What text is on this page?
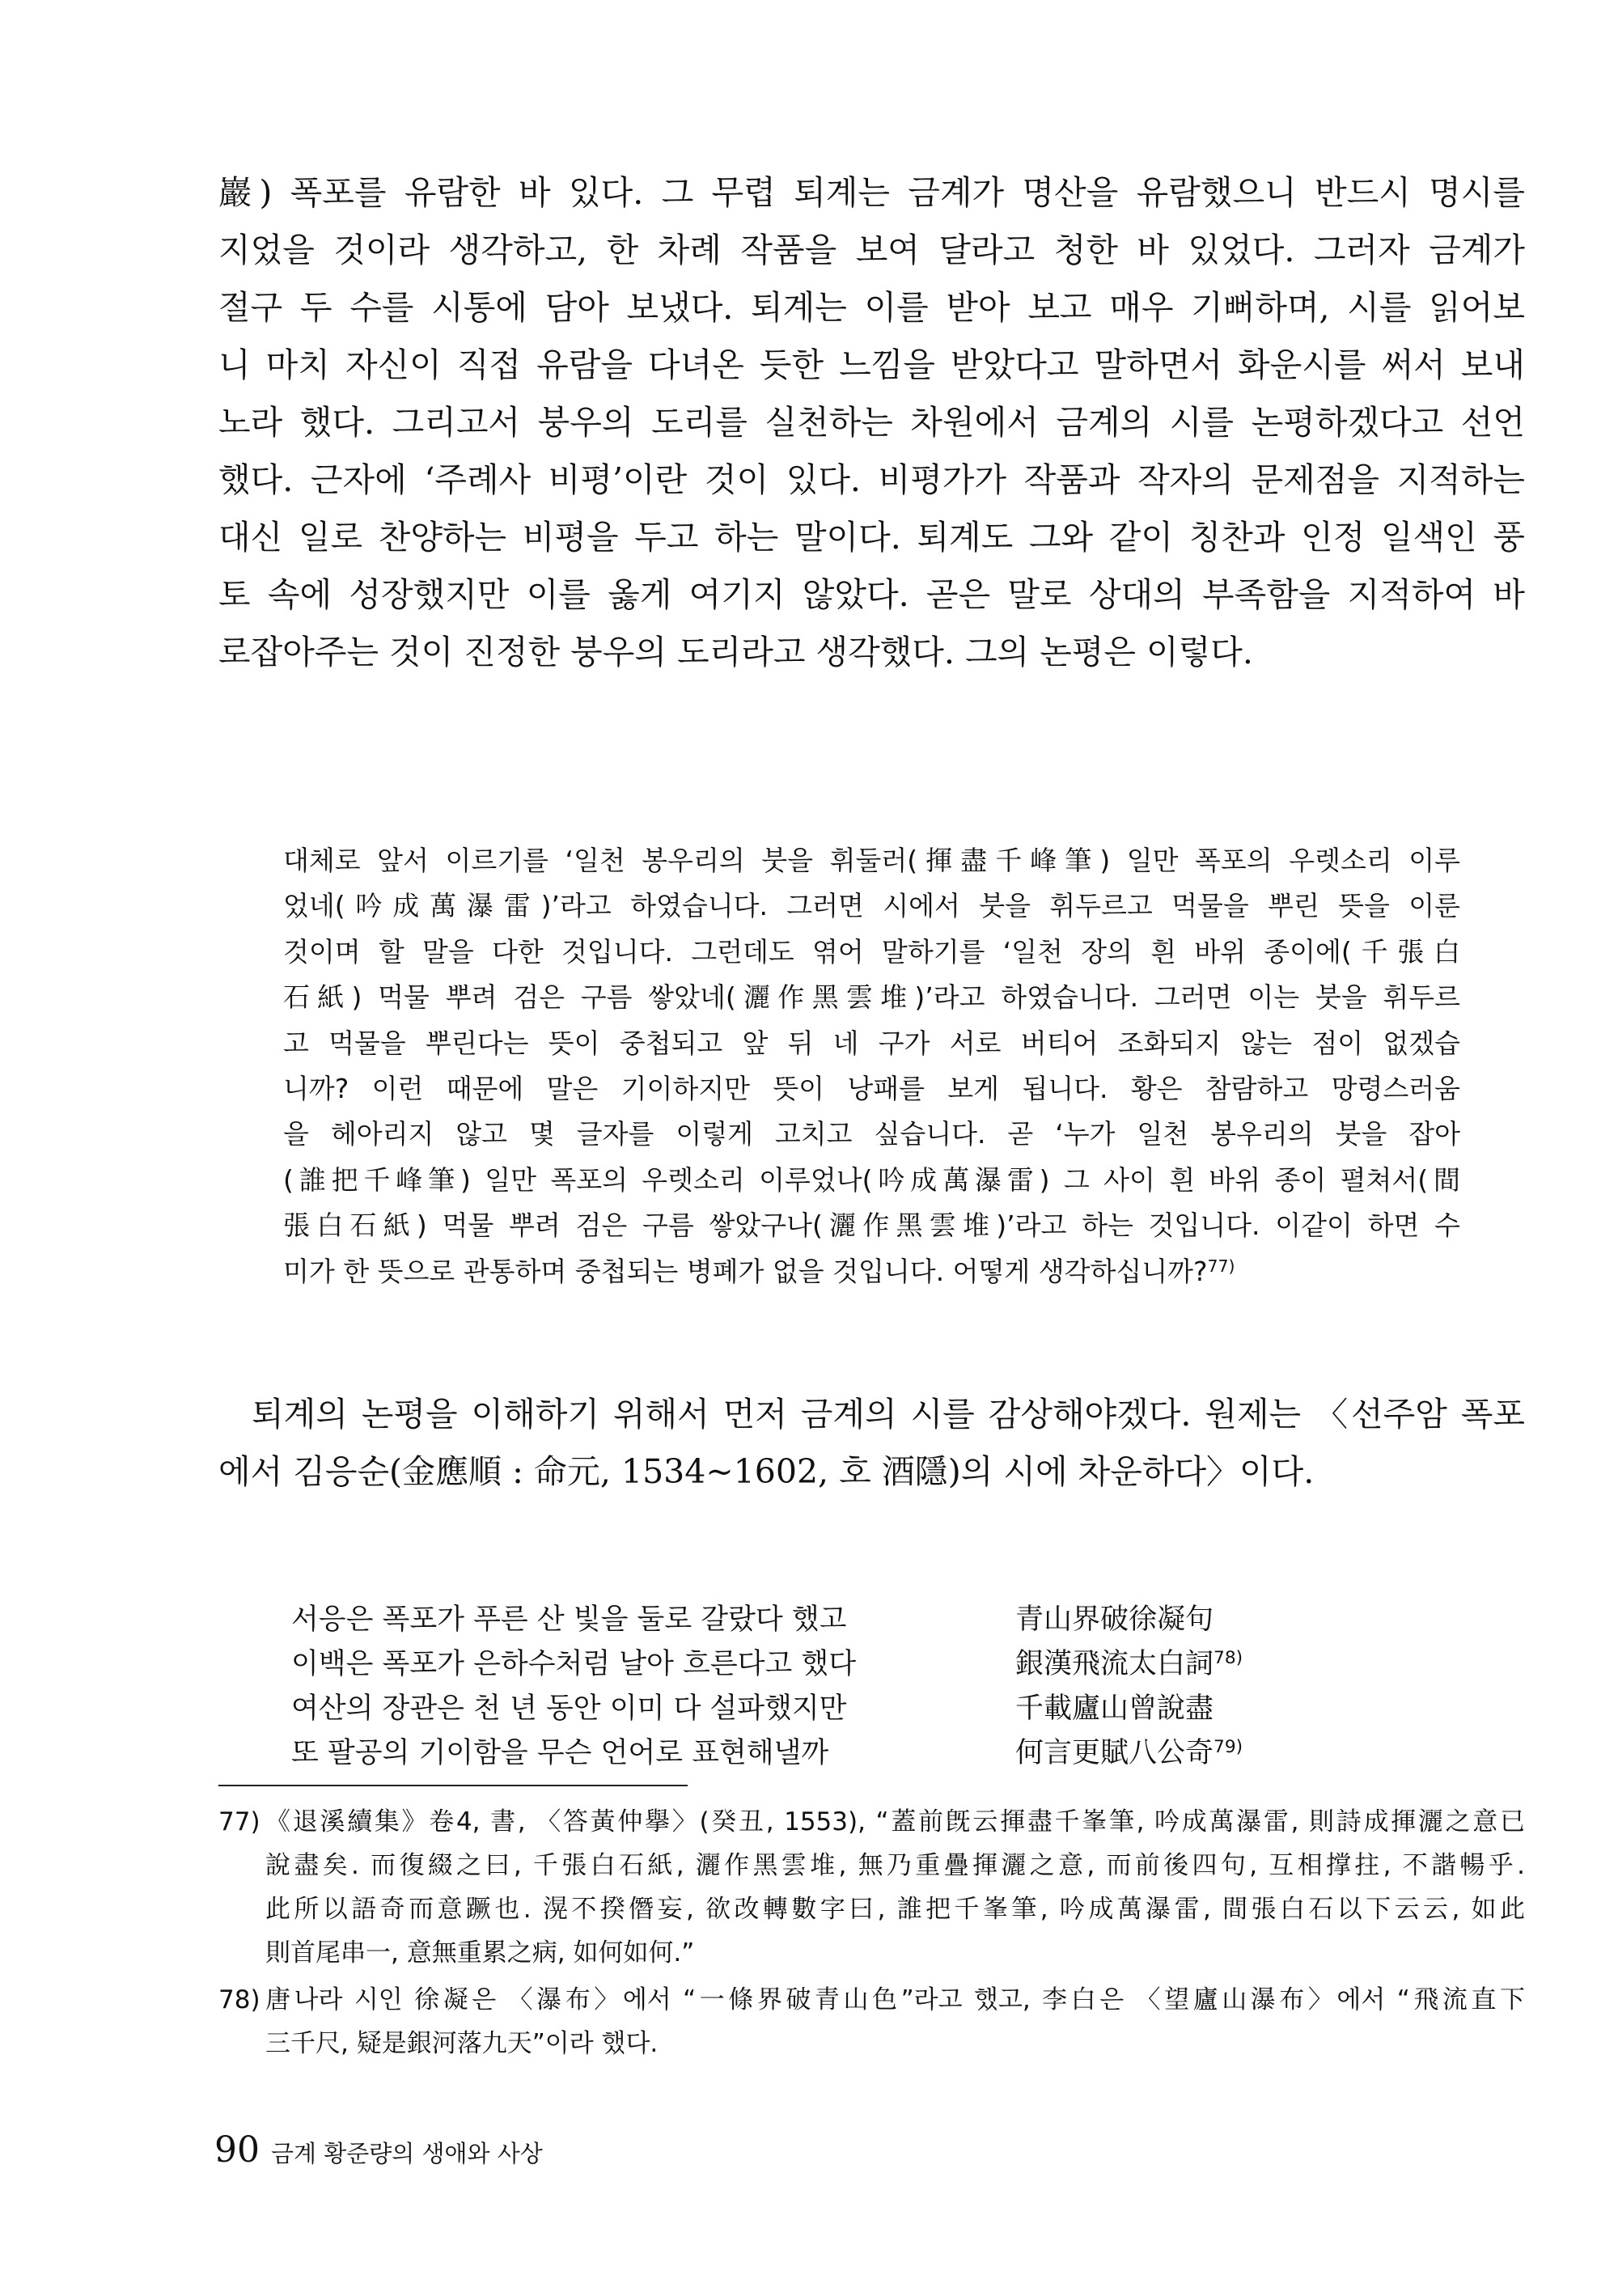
巖) 폭포를 유람한 바 있다. 그 무렵 퇴계는 금계가 명산을 유람했으니 반드시 명시를
지었을 것이라 생각하고, 한 차례 작품을 보여 달라고 청한 바 있었다. 그러자 금계가
절구 두 수를 시통에 담아 보냈다. 퇴계는 이를 받아 보고 매우 기뻐하며, 시를 읽어보
니 마치 자신이 직접 유람을 다녀온 듯한 느낌을 받았다고 말하면서 화운시를 써서 보내
노라 했다. 그리고서 붕우의 도리를 실천하는 차원에서 금계의 시를 논평하겠다고 선언
했다. 근자에 ‘주례사 비평’이란 것이 있다. 비평가가 작품과 작자의 문제점을 지적하는
대신 일로 찬양하는 비평을 두고 하는 말이다. 퇴계도 그와 같이 칭찬과 인정 일색인 풍
토 속에 성장했지만 이를 옳게 여기지 않았다. 곧은 말로 상대의 부족함을 지적하여 바
로잡아주는 것이 진정한 붕우의 도리라고 생각했다. 그의 논평은 이렇다.
대체로 앞서 이르기를 ‘일천 봉우리의 붓을 휘둘러(揮盡千峰筆) 일만 폭포의 우렛소리 이루
었네(吟成萬瀑雷)’라고 하였습니다. 그러면 시에서 붓을 휘두르고 먹물을 뿌린 뜻을 이룬
것이며 할 말을 다한 것입니다. 그런데도 엮어 말하기를 ‘일천 장의 흰 바위 종이에(千張白
石紙) 먹물 뿌려 검은 구름 쌓았네(灑作黑雲堆)’라고 하였습니다. 그러면 이는 붓을 휘두르
고 먹물을 뿌린다는 뜻이 중첩되고 앞 뒤 네 구가 서로 버티어 조화되지 않는 점이 없겠습
니까? 이런 때문에 말은 기이하지만 뜻이 낭패를 보게 됩니다. 황은 참람하고 망령스러움
을 헤아리지 않고 몇 글자를 이렇게 고치고 싶습니다. 곧 ‘누가 일천 봉우리의 붓을 잡아
(誰把千峰筆) 일만 폭포의 우렛소리 이루었나(吟成萬瀑雷) 그 사이 흰 바위 종이 펼쳐서(間
張白石紙) 먹물 뿌려 검은 구름 쌓았구나(灑作黑雲堆)’라고 하는 것입니다. 이같이 하면 수
미가 한 뜻으로 관통하며 중첩되는 병폐가 없을 것입니다. 어떻게 생각하십니까?$^{77)}$
 퇴계의 논평을 이해하기 위해서 먼저 금계의 시를 감상해야겠다. 원제는 〈선주암 폭포
에서 김응순(金應順 : 命元, 1534~1602, 호 酒隱)의 시에 차운하다〉이다.
서응은 폭포가 푸른 산 빛을 둘로 갈랐다 했고	青山界破徐凝句
이백은 폭포가 은하수처럼 날아 흐른다고 했다	銀漢飛流太白詞$^{78)}$
여산의 장관은 천 년 동안 이미 다 설파했지만	千載廬山曾說盡
또 팔공의 기이함을 무슨 언어로 표현해낼까	何言更賦八公奇$^{79)}$
77) 《退溪續集》卷4, 書, 〈答黃仲擧〉(癸丑, 1553), “蓋前旣云揮盡千峯筆, 吟成萬瀑雷, 則詩成揮灑之意已
說盡矣. 而復綴之曰, 千張白石紙, 灑作黑雲堆, 無乃重疊揮灑之意, 而前後四句, 互相撑拄, 不諧暢乎.
此所以語奇而意蹶也. 滉不揆僭妄, 欲改轉數字曰, 誰把千峯筆, 吟成萬瀑雷, 間張白石以下云云, 如此
則首尾串一, 意無重累之病, 如何如何.”
78) 唐나라 시인 徐凝은 〈瀑布〉에서 “一條界破青山色”라고 했고, 李白은 〈望廬山瀑布〉에서 “飛流直下
三千尺, 疑是銀河落九天”이라 했다.
90 금계 황준량의 생애와 사상
